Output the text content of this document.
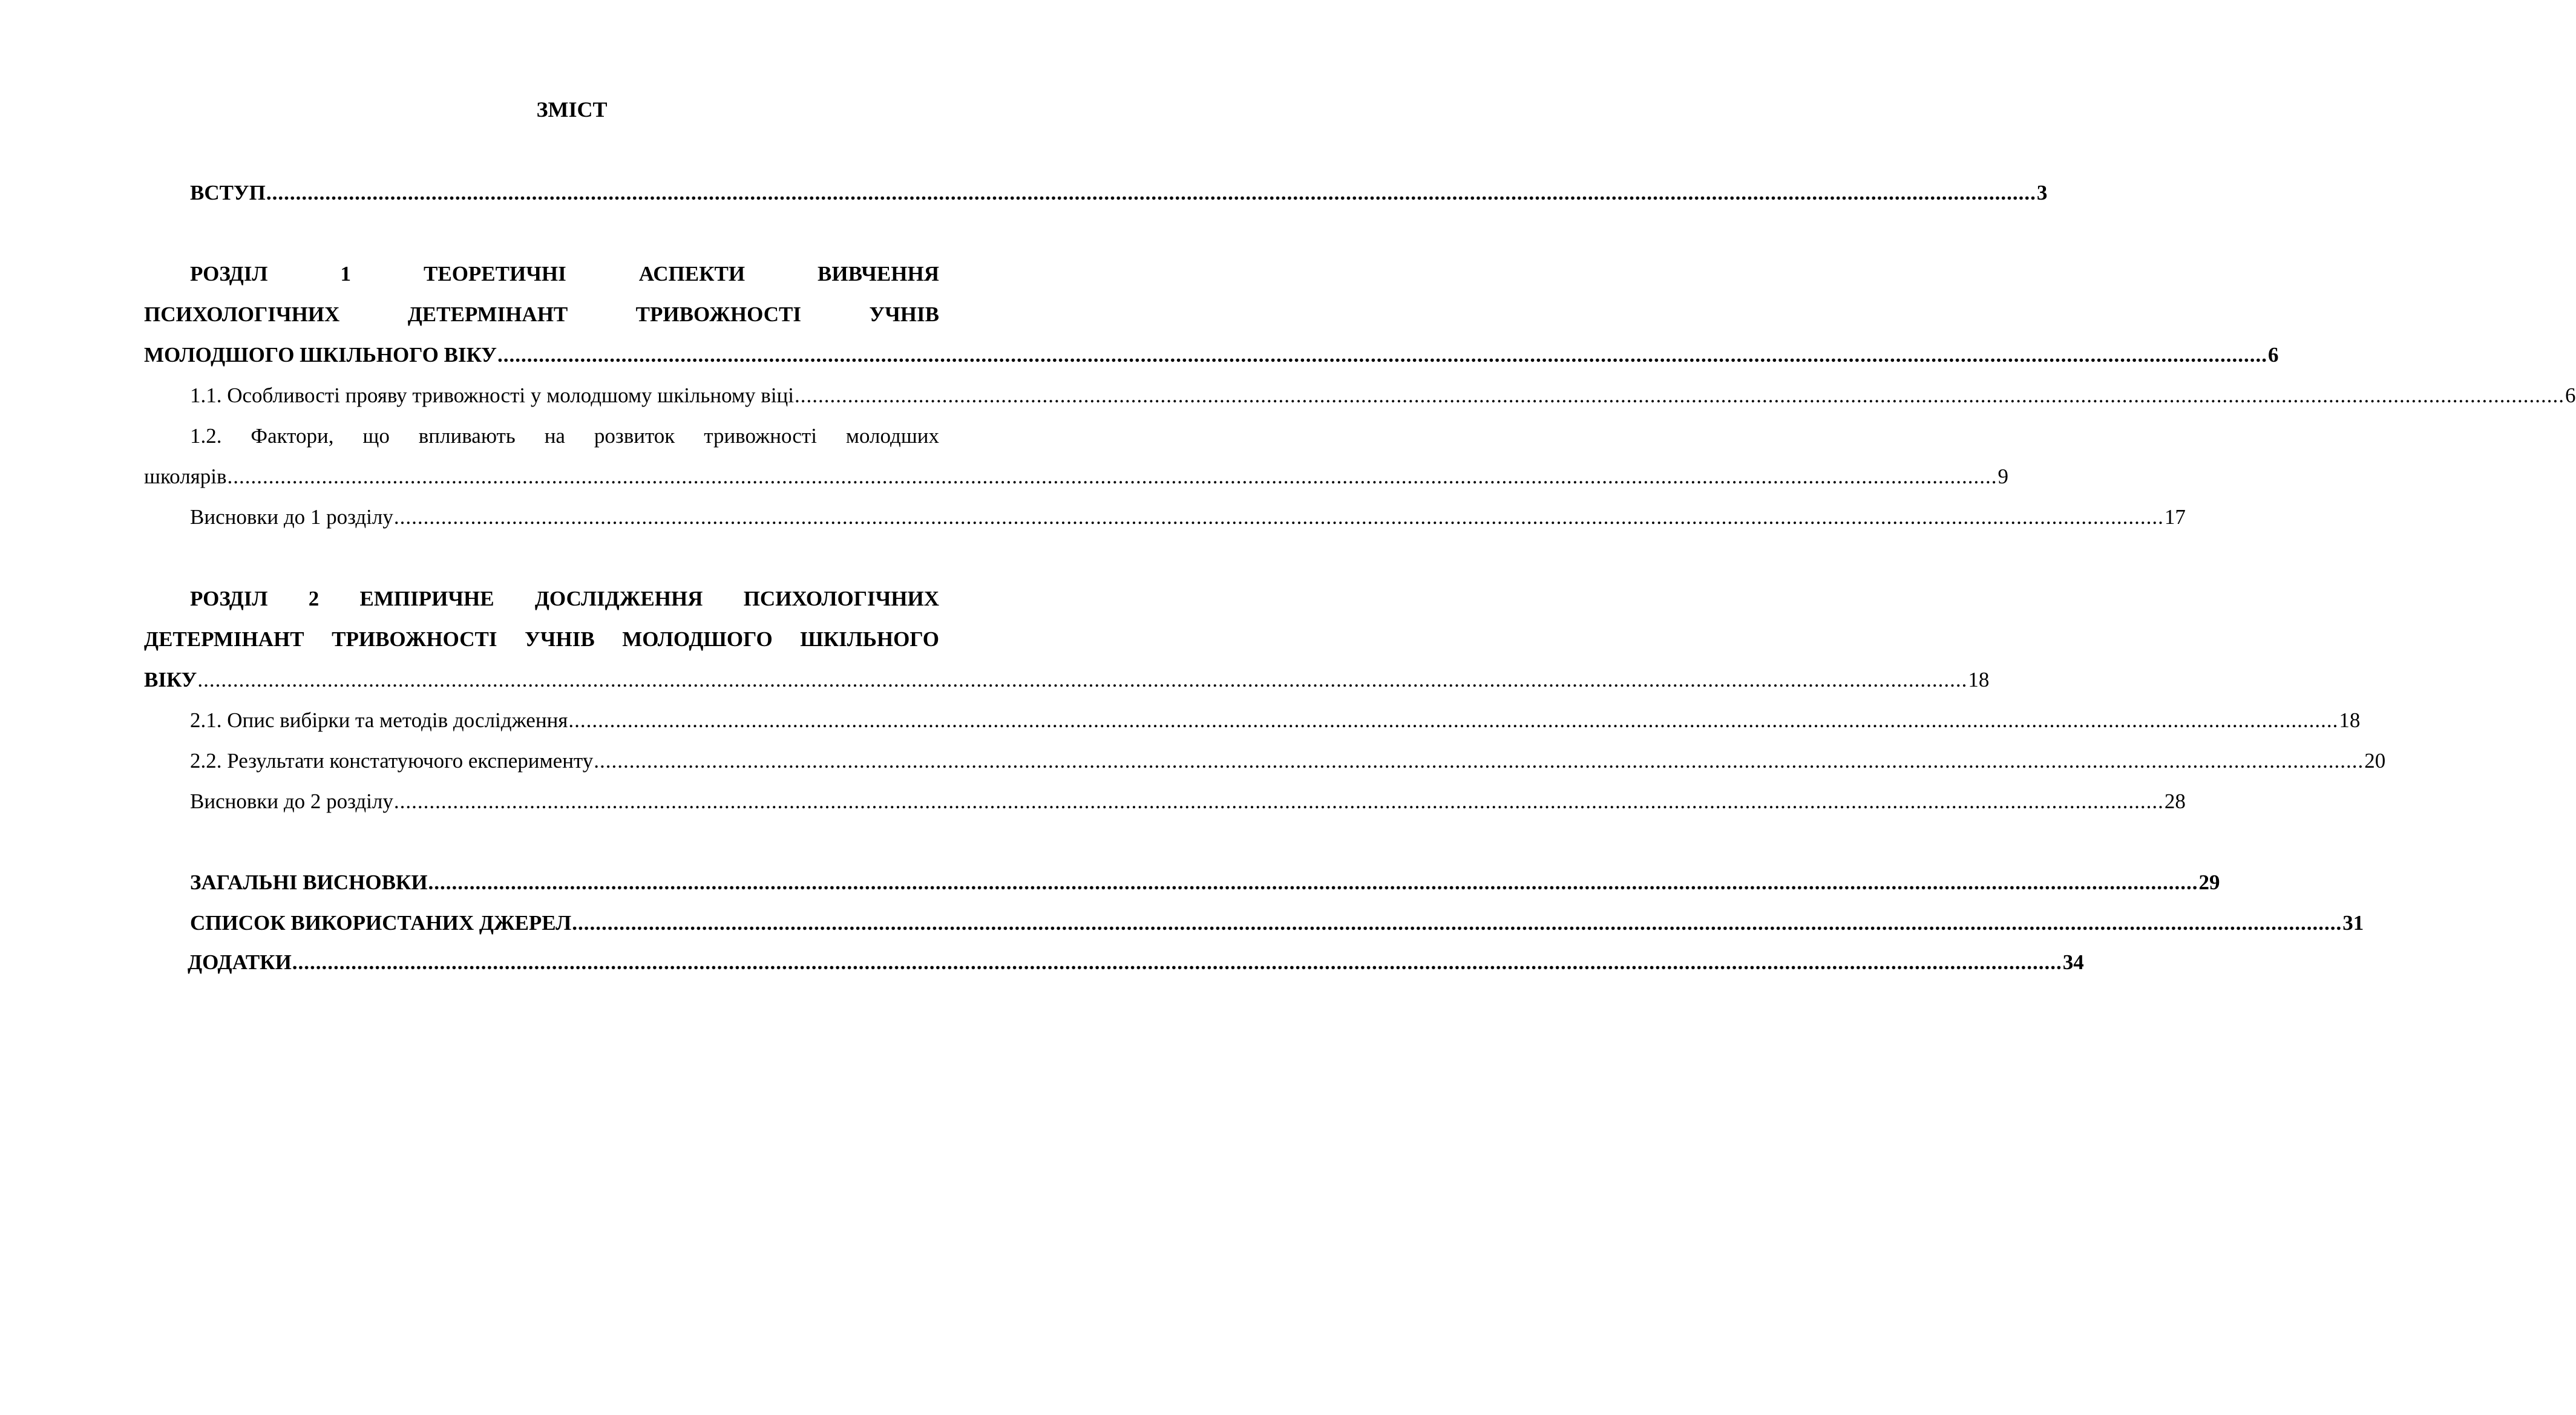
ЗМІСТ
ВСТУП ............................................................................................................................................................................................................................................................................................................ 3
РОЗДІЛ 1 ТЕОРЕТИЧНІ АСПЕКТИ ВИВЧЕННЯ
ПСИХОЛОГІЧНИХ ДЕТЕРМІНАНТ ТРИВОЖНОСТІ УЧНІВ
МОЛОДШОГО ШКІЛЬНОГО ВІКУ ............................................................................................................................................................................................................................................................................................................ 6
1.1. Особливості прояву тривожності у молодшому шкільному віці ............................................................................................................................................................................................................................................................................................................ 6
1.2. Фактори, що впливають на розвиток тривожності молодших
школярів ............................................................................................................................................................................................................................................................................................................ 9
Висновки до 1 розділу ............................................................................................................................................................................................................................................................................................................ 17
РОЗДІЛ 2 ЕМПІРИЧНЕ ДОСЛІДЖЕННЯ ПСИХОЛОГІЧНИХ
ДЕТЕРМІНАНТ ТРИВОЖНОСТІ УЧНІВ МОЛОДШОГО ШКІЛЬНОГО
ВІКУ ............................................................................................................................................................................................................................................................................................................ 18
2.1. Опис вибірки та методів дослідження ............................................................................................................................................................................................................................................................................................................ 18
2.2. Результати констатуючого експерименту ............................................................................................................................................................................................................................................................................................................ 20
Висновки до 2 розділу ............................................................................................................................................................................................................................................................................................................ 28
ЗАГАЛЬНІ ВИСНОВКИ ............................................................................................................................................................................................................................................................................................................ 29
СПИСОК ВИКОРИСТАНИХ ДЖЕРЕЛ ............................................................................................................................................................................................................................................................................................................ 31
ДОДАТКИ ............................................................................................................................................................................................................................................................................................................ 34
